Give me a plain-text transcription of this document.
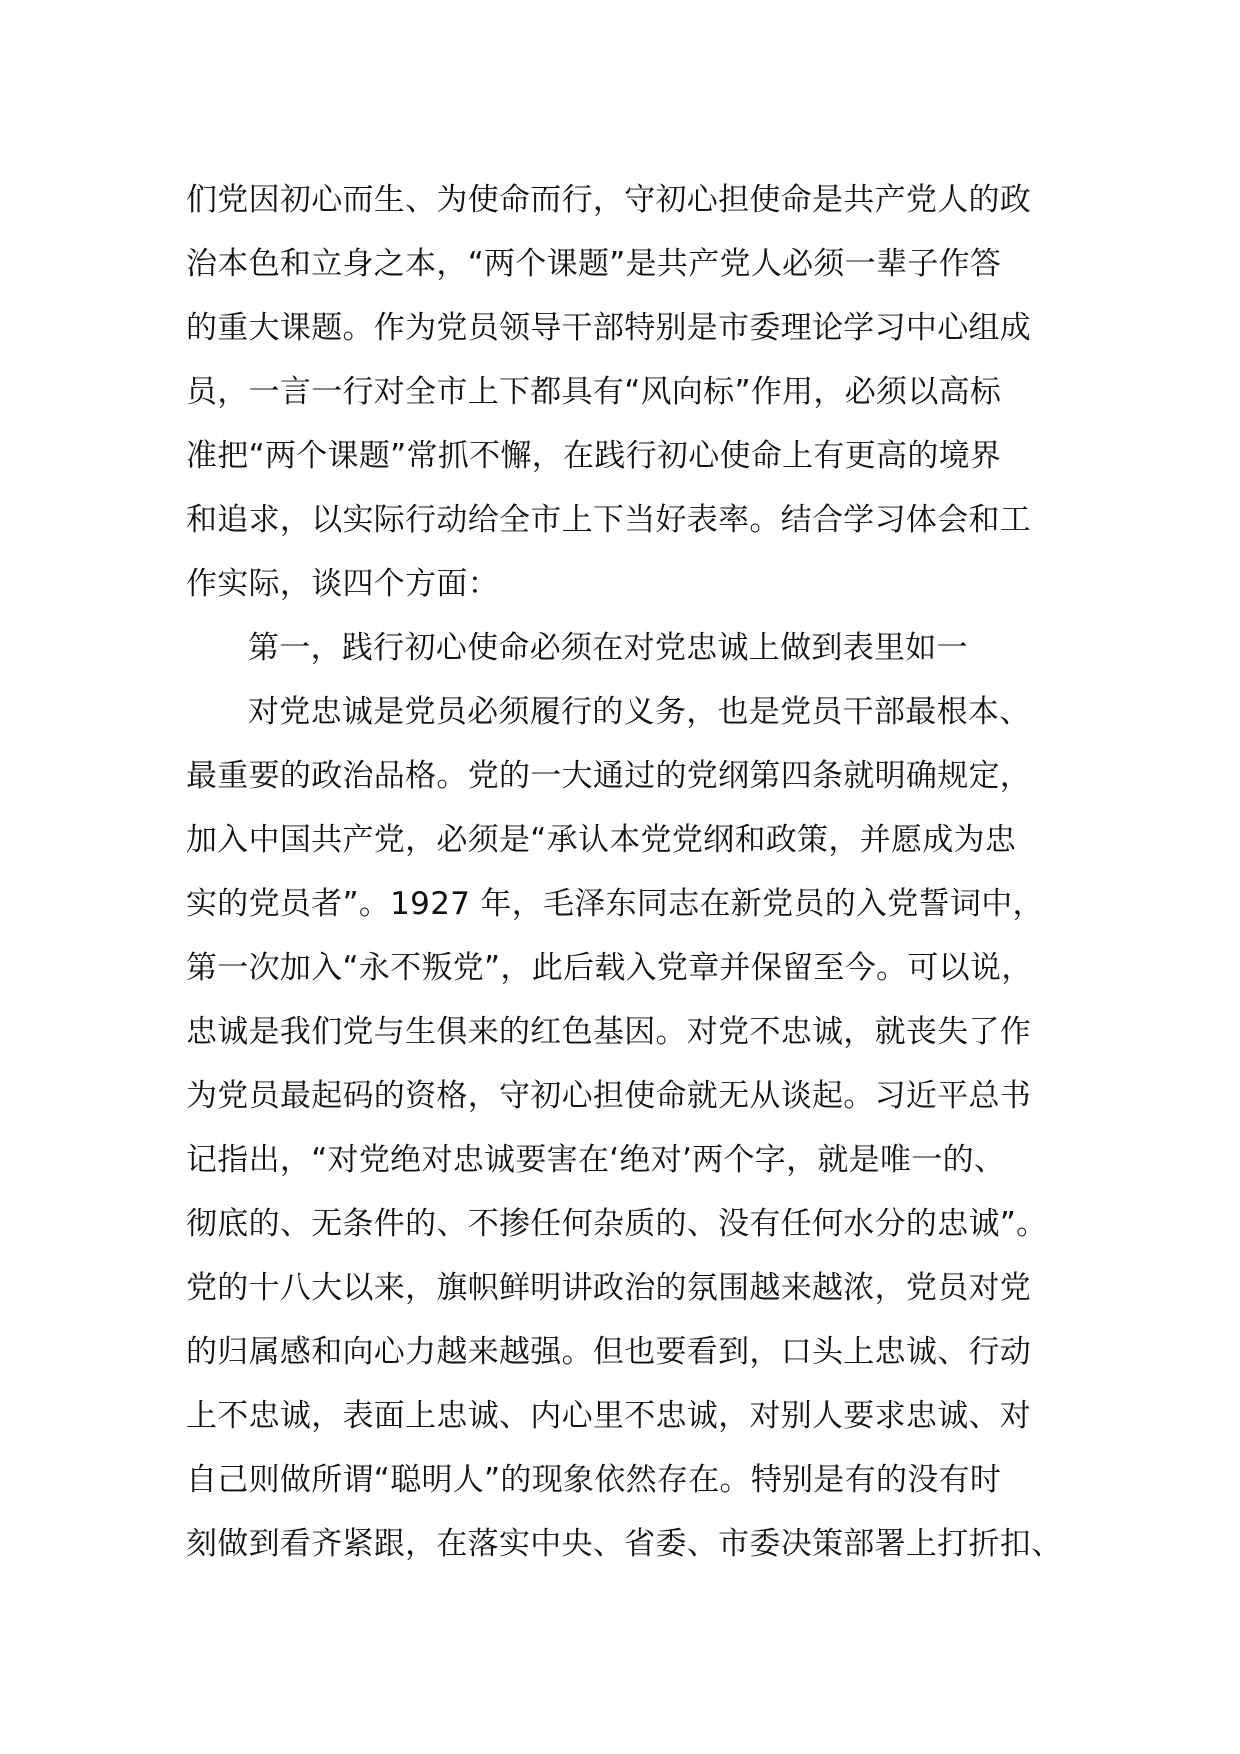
们党因初心而生、为使命而行，守初心担使命是共产党人的政
治本色和立身之本，“两个课题”是共产党人必须一辈子作答
的重大课题。作为党员领导干部特别是市委理论学习中心组成
员，一言一行对全市上下都具有“风向标”作用，必须以高标
准把“两个课题”常抓不懈，在践行初心使命上有更高的境界
和追求，以实际行动给全市上下当好表率。结合学习体会和工
作实际，谈四个方面：
第一，践行初心使命必须在对党忠诚上做到表里如一
对党忠诚是党员必须履行的义务，也是党员干部最根本、
最重要的政治品格。党的一大通过的党纲第四条就明确规定，
加入中国共产党，必须是“承认本党党纲和政策，并愿成为忠
实的党员者”。1927 年，毛泽东同志在新党员的入党誓词中，
第一次加入“永不叛党”，此后载入党章并保留至今。可以说，
忠诚是我们党与生俱来的红色基因。对党不忠诚，就丧失了作
为党员最起码的资格，守初心担使命就无从谈起。习近平总书
记指出，“对党绝对忠诚要害在‘绝对’两个字，就是唯一的、
彻底的、无条件的、不掺任何杂质的、没有任何水分的忠诚”。
党的十八大以来，旗帜鲜明讲政治的氛围越来越浓，党员对党
的归属感和向心力越来越强。但也要看到，口头上忠诚、行动
上不忠诚，表面上忠诚、内心里不忠诚，对别人要求忠诚、对
自己则做所谓“聪明人”的现象依然存在。特别是有的没有时
刻做到看齐紧跟，在落实中央、省委、市委决策部署上打折扣、
